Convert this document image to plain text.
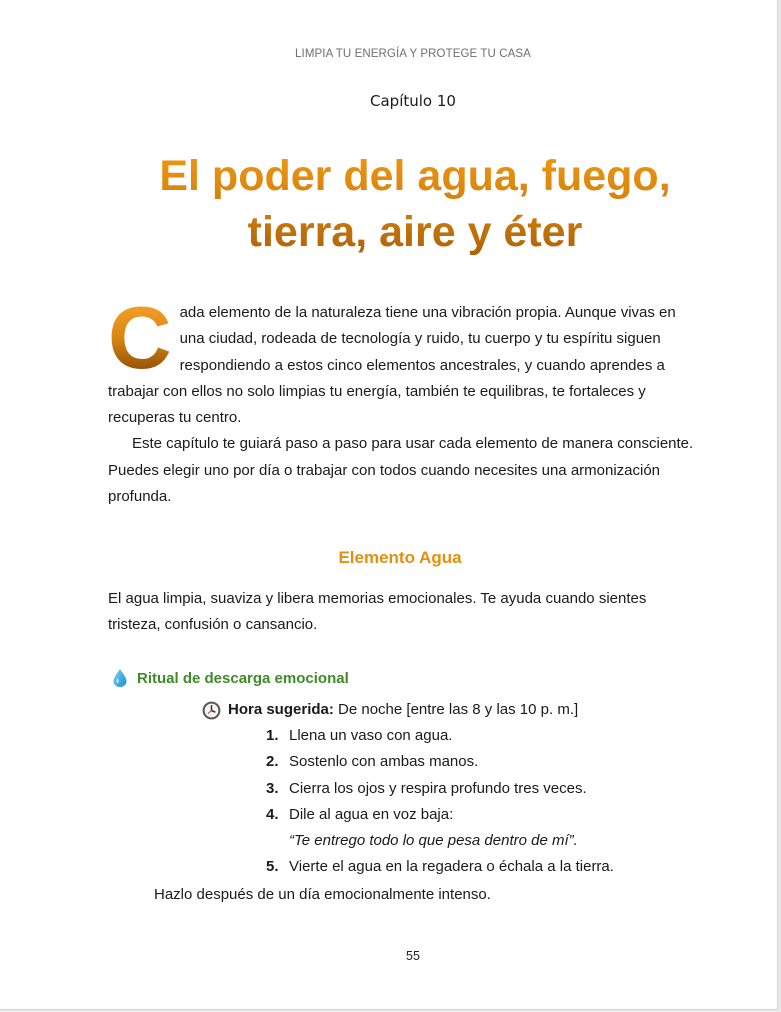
LIMPIA TU ENERGÍA Y PROTEGE TU CASA
Capítulo 10
El poder del agua, fuego,
tierra, aire y éter
C ada elemento de la naturaleza tiene una vibración propia. Aunque vivas en una ciudad, rodeada de tecnología y ruido, tu cuerpo y tu espíritu siguen respondiendo a estos cinco elementos ancestrales, y cuando aprendes a trabajar con ellos no solo limpias tu energía, también te equilibras, te fortaleces y recuperas tu centro.

Este capítulo te guiará paso a paso para usar cada elemento de manera consciente. Puedes elegir uno por día o trabajar con todos cuando necesites una armonización profunda.

Elemento Agua

El agua limpia, suaviza y libera memorias emocionales. Te ayuda cuando sientes tristeza, confusión o cansancio.

Ritual de descarga emocional
Hora sugerida: De noche [entre las 8 y las 10 p. m.]
1. Llena un vaso con agua.
2. Sostenlo con ambas manos.
3. Cierra los ojos y respira profundo tres veces.
4. Dile al agua en voz baja:
“Te entrego todo lo que pesa dentro de mí”.
5. Vierte el agua en la regadera o échala a la tierra.
Hazlo después de un día emocionalmente intenso.
55
